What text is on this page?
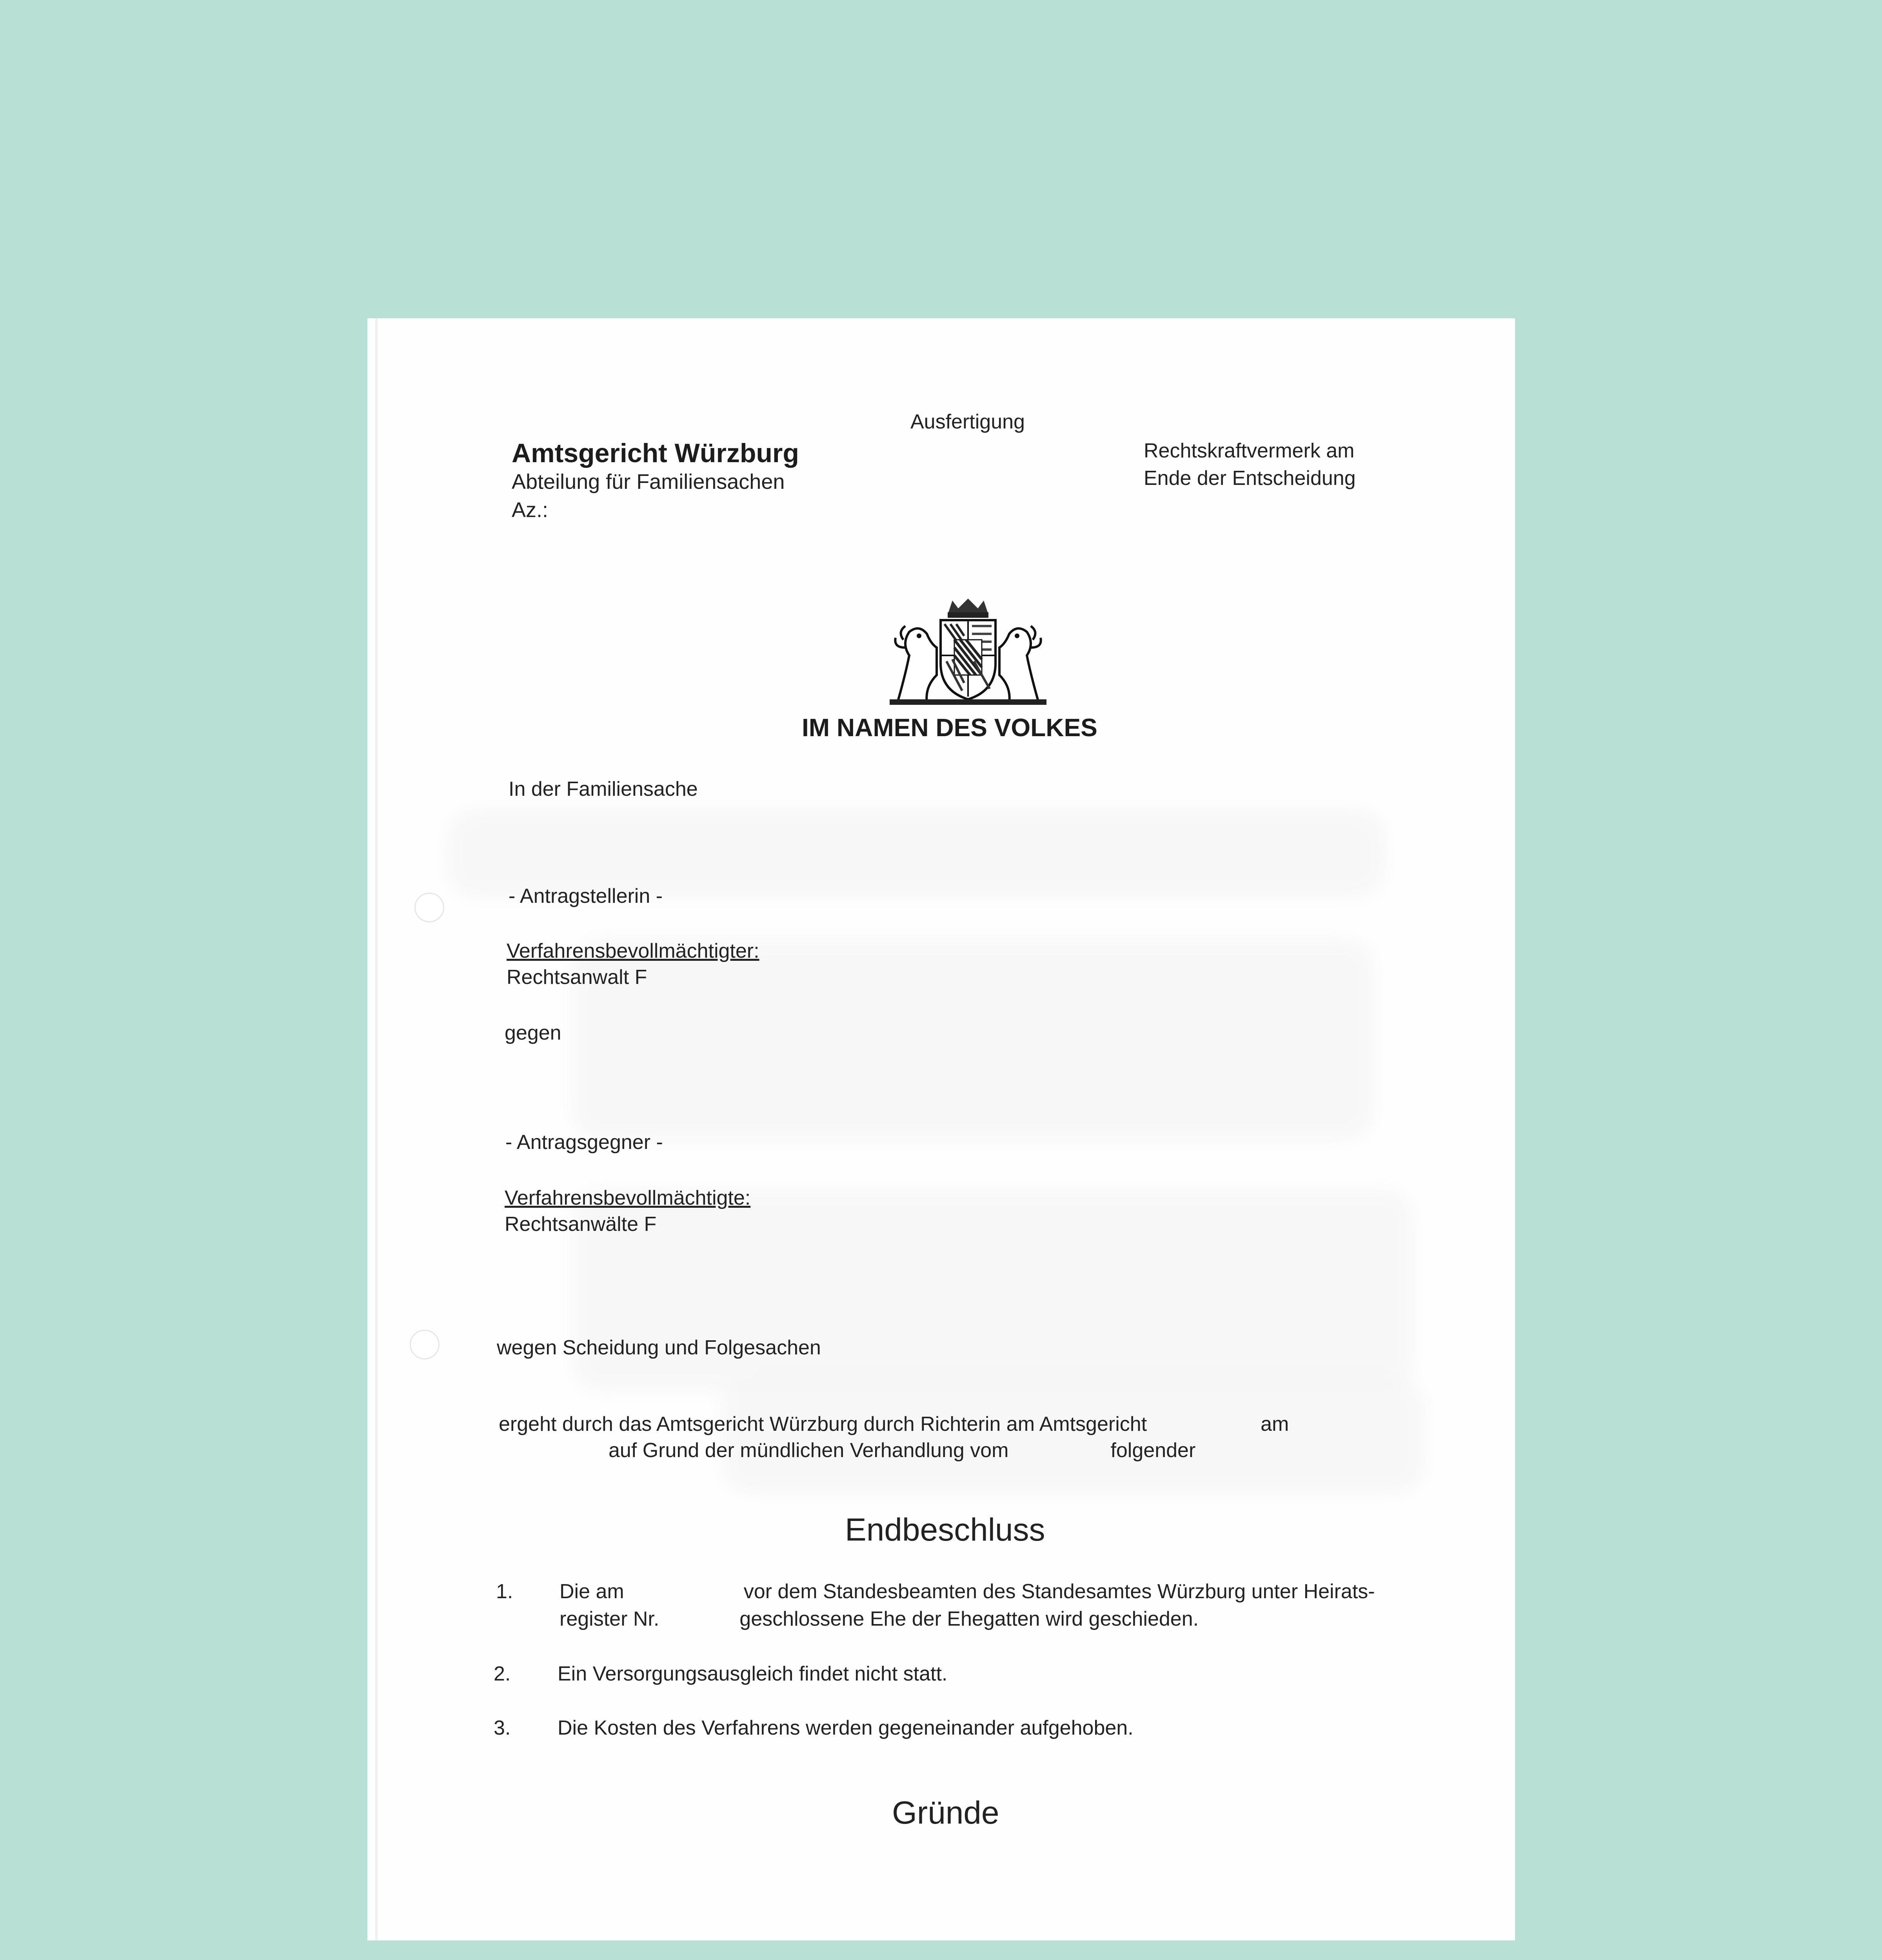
Ausfertigung
Amtsgericht Würzburg
Abteilung für Familiensachen
Az.:
Rechtskraftvermerk am
Ende der Entscheidung
IM NAMEN DES VOLKES
In der Familiensache
- Antragstellerin -
Verfahrensbevollmächtigter:
Rechtsanwalt F
gegen
- Antragsgegner -
Verfahrensbevollmächtigte:
Rechtsanwälte F
wegen Scheidung und Folgesachen
ergeht durch das Amtsgericht Würzburg durch Richterin am Amtsgericht	am
auf Grund der mündlichen Verhandlung vom	folgender
Endbeschluss
1. Die am	vor dem Standesbeamten des Standesamtes Würzburg unter Heirats-
register Nr.	geschlossene Ehe der Ehegatten wird geschieden.
2. Ein Versorgungsausgleich findet nicht statt.
3. Die Kosten des Verfahrens werden gegeneinander aufgehoben.
Gründe
